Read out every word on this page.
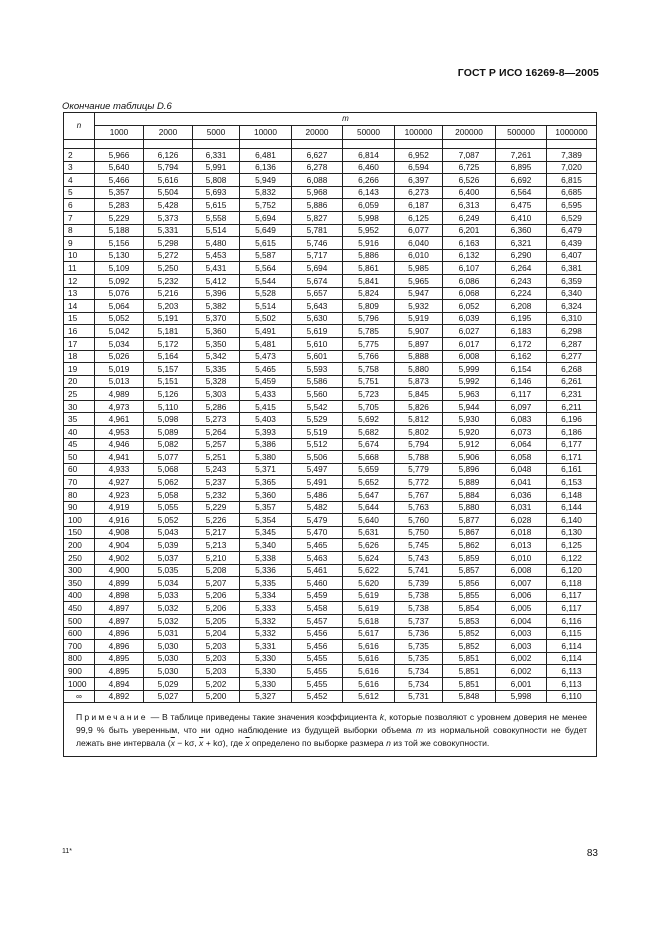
ГОСТ Р ИСО 16269-8—2005
Окончание таблицы D.6
n	m									
	1000	2000	5000	10000	20000	50000	100000	200000	500000	1000000

2	5,966	6,126	6,331	6,481	6,627	6,814	6,952	7,087	7,261	7,389
3	5,640	5,794	5,991	6,136	6,278	6,460	6,594	6,725	6,895	7,020
4	5,466	5,616	5,808	5,949	6,088	6,266	6,397	6,526	6,692	6,815
5	5,357	5,504	5,693	5,832	5,968	6,143	6,273	6,400	6,564	6,685
6	5,283	5,428	5,615	5,752	5,886	6,059	6,187	6,313	6,475	6,595
7	5,229	5,373	5,558	5,694	5,827	5,998	6,125	6,249	6,410	6,529
8	5,188	5,331	5,514	5,649	5,781	5,952	6,077	6,201	6,360	6,479
9	5,156	5,298	5,480	5,615	5,746	5,916	6,040	6,163	6,321	6,439
10	5,130	5,272	5,453	5,587	5,717	5,886	6,010	6,132	6,290	6,407
11	5,109	5,250	5,431	5,564	5,694	5,861	5,985	6,107	6,264	6,381
12	5,092	5,232	5,412	5,544	5,674	5,841	5,965	6,086	6,243	6,359
13	5,076	5,216	5,396	5,528	5,657	5,824	5,947	6,068	6,224	6,340
14	5,064	5,203	5,382	5,514	5,643	5,809	5,932	6,052	6,208	6,324
15	5,052	5,191	5,370	5,502	5,630	5,796	5,919	6,039	6,195	6,310
16	5,042	5,181	5,360	5,491	5,619	5,785	5,907	6,027	6,183	6,298
17	5,034	5,172	5,350	5,481	5,610	5,775	5,897	6,017	6,172	6,287
18	5,026	5,164	5,342	5,473	5,601	5,766	5,888	6,008	6,162	6,277
19	5,019	5,157	5,335	5,465	5,593	5,758	5,880	5,999	6,154	6,268
20	5,013	5,151	5,328	5,459	5,586	5,751	5,873	5,992	6,146	6,261
25	4,989	5,126	5,303	5,433	5,560	5,723	5,845	5,963	6,117	6,231
30	4,973	5,110	5,286	5,415	5,542	5,705	5,826	5,944	6,097	6,211
35	4,961	5,098	5,273	5,403	5,529	5,692	5,812	5,930	6,083	6,196
40	4,953	5,089	5,264	5,393	5,519	5,682	5,802	5,920	6,073	6,186
45	4,946	5,082	5,257	5,386	5,512	5,674	5,794	5,912	6,064	6,177
50	4,941	5,077	5,251	5,380	5,506	5,668	5,788	5,906	6,058	6,171
60	4,933	5,068	5,243	5,371	5,497	5,659	5,779	5,896	6,048	6,161
70	4,927	5,062	5,237	5,365	5,491	5,652	5,772	5,889	6,041	6,153
80	4,923	5,058	5,232	5,360	5,486	5,647	5,767	5,884	6,036	6,148
90	4,919	5,055	5,229	5,357	5,482	5,644	5,763	5,880	6,031	6,144
100	4,916	5,052	5,226	5,354	5,479	5,640	5,760	5,877	6,028	6,140
150	4,908	5,043	5,217	5,345	5,470	5,631	5,750	5,867	6,018	6,130
200	4,904	5,039	5,213	5,340	5,465	5,626	5,745	5,862	6,013	6,125
250	4,902	5,037	5,210	5,338	5,463	5,624	5,743	5,859	6,010	6,122
300	4,900	5,035	5,208	5,336	5,461	5,622	5,741	5,857	6,008	6,120
350	4,899	5,034	5,207	5,335	5,460	5,620	5,739	5,856	6,007	6,118
400	4,898	5,033	5,206	5,334	5,459	5,619	5,738	5,855	6,006	6,117
450	4,897	5,032	5,206	5,333	5,458	5,619	5,738	5,854	6,005	6,117
500	4,897	5,032	5,205	5,332	5,457	5,618	5,737	5,853	6,004	6,116
600	4,896	5,031	5,204	5,332	5,456	5,617	5,736	5,852	6,003	6,115
700	4,896	5,030	5,203	5,331	5,456	5,616	5,735	5,852	6,003	6,114
800	4,895	5,030	5,203	5,330	5,455	5,616	5,735	5,851	6,002	6,114
900	4,895	5,030	5,203	5,330	5,455	5,616	5,734	5,851	6,002	6,113
1000	4,894	5,029	5,202	5,330	5,455	5,616	5,734	5,851	6,001	6,113
∞	4,892	5,027	5,200	5,327	5,452	5,612	5,731	5,848	5,998	6,110
Примечание — В таблице приведены такие значения коэффициента k, которые позволяют с уровнем доверия не менее 99,9 % быть уверенным, что ни одно наблюдение из будущей выборки объема m из нормальной совокупности не будет лежать вне интервала ($\overline{x} - k\sigma$, $\overline{x} + k\sigma$), где $\overline{x}$ определено по выборке размера n из той же совокупности.										
11*	83
